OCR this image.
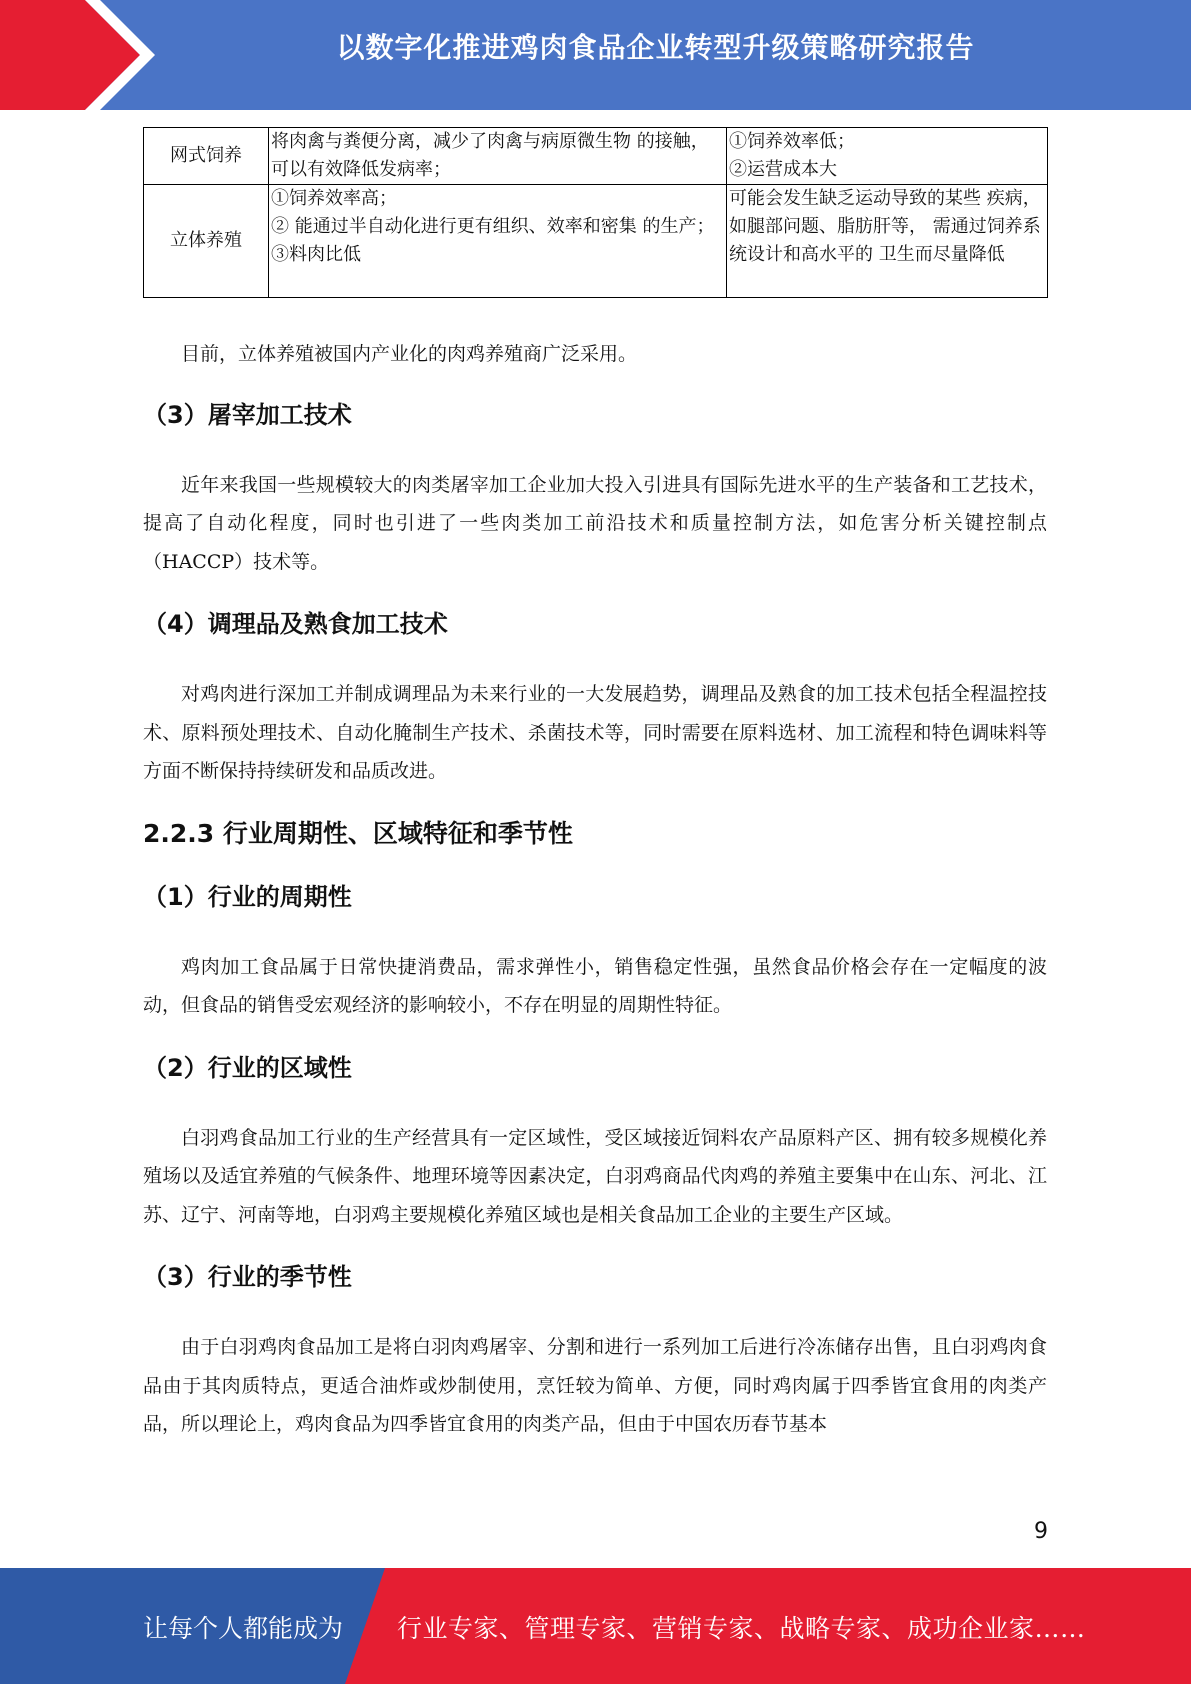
以数字化推进鸡肉食品企业转型升级策略研究报告
网式饲养	将肉禽与粪便分离，减少了肉禽与病原微生物 的接触，可以有效降低发病率；	①饲养效率低；
②运营成本大

立体养殖	①饲养效率高；
② 能通过半自动化进行更有组织、效率和密集 的生产；
③料肉比低	可能会发生缺乏运动导致的某些 疾病，如腿部问题、脂肪肝等， 需通过饲养系统设计和高水平的 卫生而尽量降低

目前，立体养殖被国内产业化的肉鸡养殖商广泛采用。

（3）屠宰加工技术

近年来我国一些规模较大的肉类屠宰加工企业加大投入引进具有国际先进水平的生产装备和工艺技术，提高了自动化程度，同时也引进了一些肉类加工前沿技术和质量控制方法，如危害分析关键控制点（HACCP）技术等。

（4）调理品及熟食加工技术

对鸡肉进行深加工并制成调理品为未来行业的一大发展趋势，调理品及熟食的加工技术包括全程温控技术、原料预处理技术、自动化腌制生产技术、杀菌技术等，同时需要在原料选材、加工流程和特色调味料等方面不断保持持续研发和品质改进。

2.2.3 行业周期性、区域特征和季节性
（1）行业的周期性

鸡肉加工食品属于日常快捷消费品，需求弹性小，销售稳定性强，虽然食品价格会存在一定幅度的波动，但食品的销售受宏观经济的影响较小，不存在明显的周期性特征。

（2）行业的区域性

白羽鸡食品加工行业的生产经营具有一定区域性，受区域接近饲料农产品原料产区、拥有较多规模化养殖场以及适宜养殖的气候条件、地理环境等因素决定，白羽鸡商品代肉鸡的养殖主要集中在山东、河北、江苏、辽宁、河南等地，白羽鸡主要规模化养殖区域也是相关食品加工企业的主要生产区域。

（3）行业的季节性

由于白羽鸡肉食品加工是将白羽肉鸡屠宰、分割和进行一系列加工后进行冷冻储存出售，且白羽鸡肉食品由于其肉质特点，更适合油炸或炒制使用，烹饪较为简单、方便，同时鸡肉属于四季皆宜食用的肉类产品，所以理论上，鸡肉食品为四季皆宜食用的肉类产品，但由于中国农历春节基本

9
让每个人都能成为 行业专家、管理专家、营销专家、战略专家、成功企业家……
